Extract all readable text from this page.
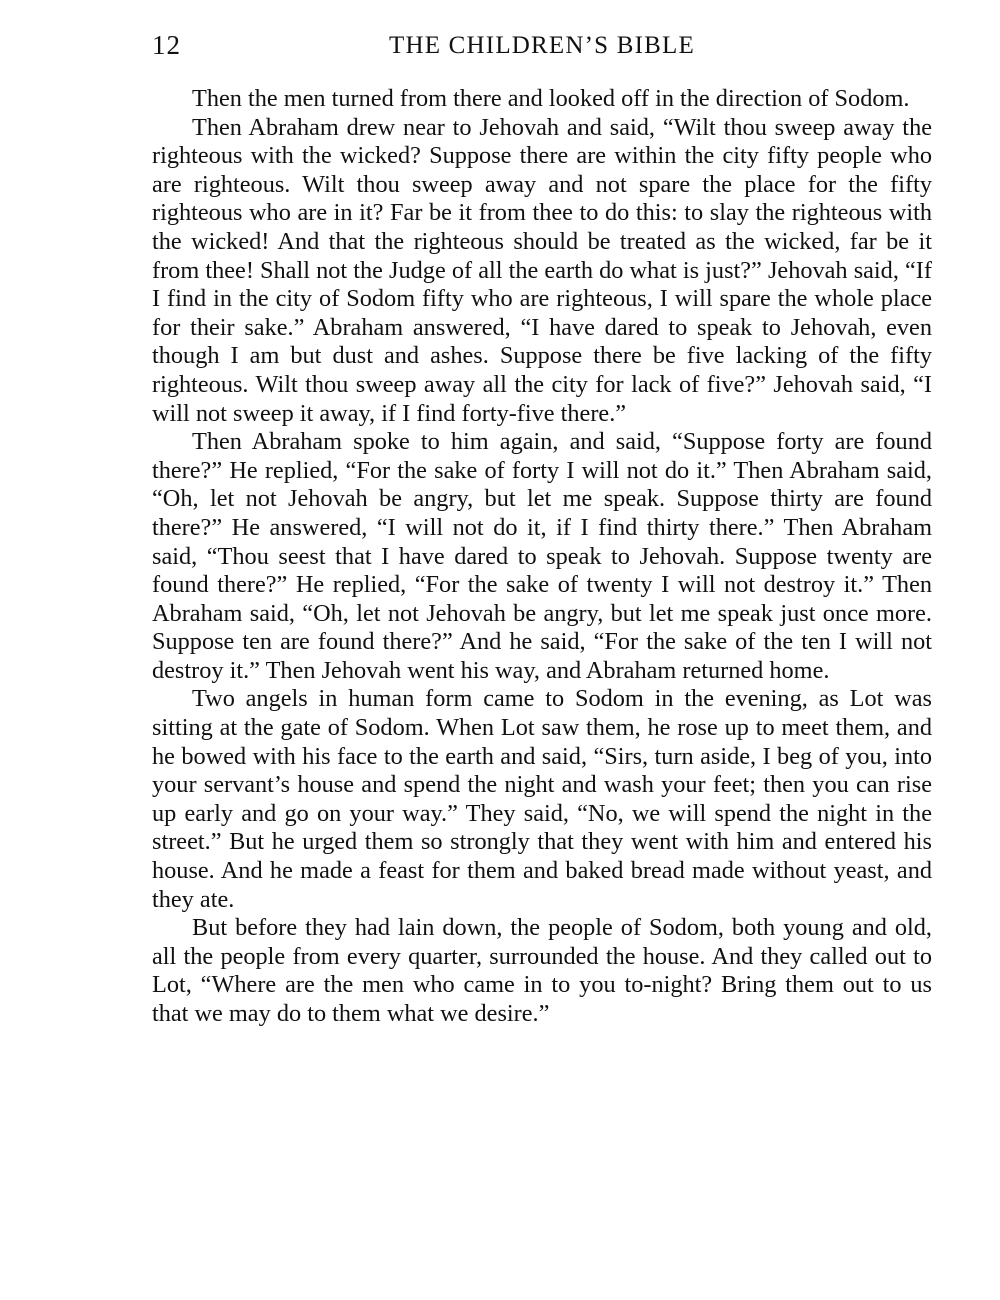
12	THE CHILDREN’S BIBLE

Then the men turned from there and looked off in the direction of Sodom.

Then Abraham drew near to Jehovah and said, “Wilt thou sweep away the righteous with the wicked? Suppose there are within the city fifty people who are righteous. Wilt thou sweep away and not spare the place for the fifty righteous who are in it? Far be it from thee to do this: to slay the righteous with the wicked! And that the righteous should be treated as the wicked, far be it from thee! Shall not the Judge of all the earth do what is just?” Jehovah said, “If I find in the city of Sodom fifty who are righteous, I will spare the whole place for their sake.” Abraham answered, “I have dared to speak to Jehovah, even though I am but dust and ashes. Suppose there be five lacking of the fifty righteous. Wilt thou sweep away all the city for lack of five?” Jehovah said, “I will not sweep it away, if I find forty-five there.”

Then Abraham spoke to him again, and said, “Suppose forty are found there?” He replied, “For the sake of forty I will not do it.” Then Abraham said, “Oh, let not Jehovah be angry, but let me speak. Suppose thirty are found there?” He answered, “I will not do it, if I find thirty there.” Then Abraham said, “Thou seest that I have dared to speak to Jehovah. Suppose twenty are found there?” He replied, “For the sake of twenty I will not destroy it.” Then Abraham said, “Oh, let not Jehovah be angry, but let me speak just once more. Suppose ten are found there?” And he said, “For the sake of the ten I will not destroy it.” Then Jehovah went his way, and Abraham returned home.

Two angels in human form came to Sodom in the evening, as Lot was sitting at the gate of Sodom. When Lot saw them, he rose up to meet them, and he bowed with his face to the earth and said, “Sirs, turn aside, I beg of you, into your servant’s house and spend the night and wash your feet; then you can rise up early and go on your way.” They said, “No, we will spend the night in the street.” But he urged them so strongly that they went with him and entered his house. And he made a feast for them and baked bread made without yeast, and they ate.

But before they had lain down, the people of Sodom, both young and old, all the people from every quarter, surrounded the house. And they called out to Lot, “Where are the men who came in to you to-night? Bring them out to us that we may do to them what we desire.”
